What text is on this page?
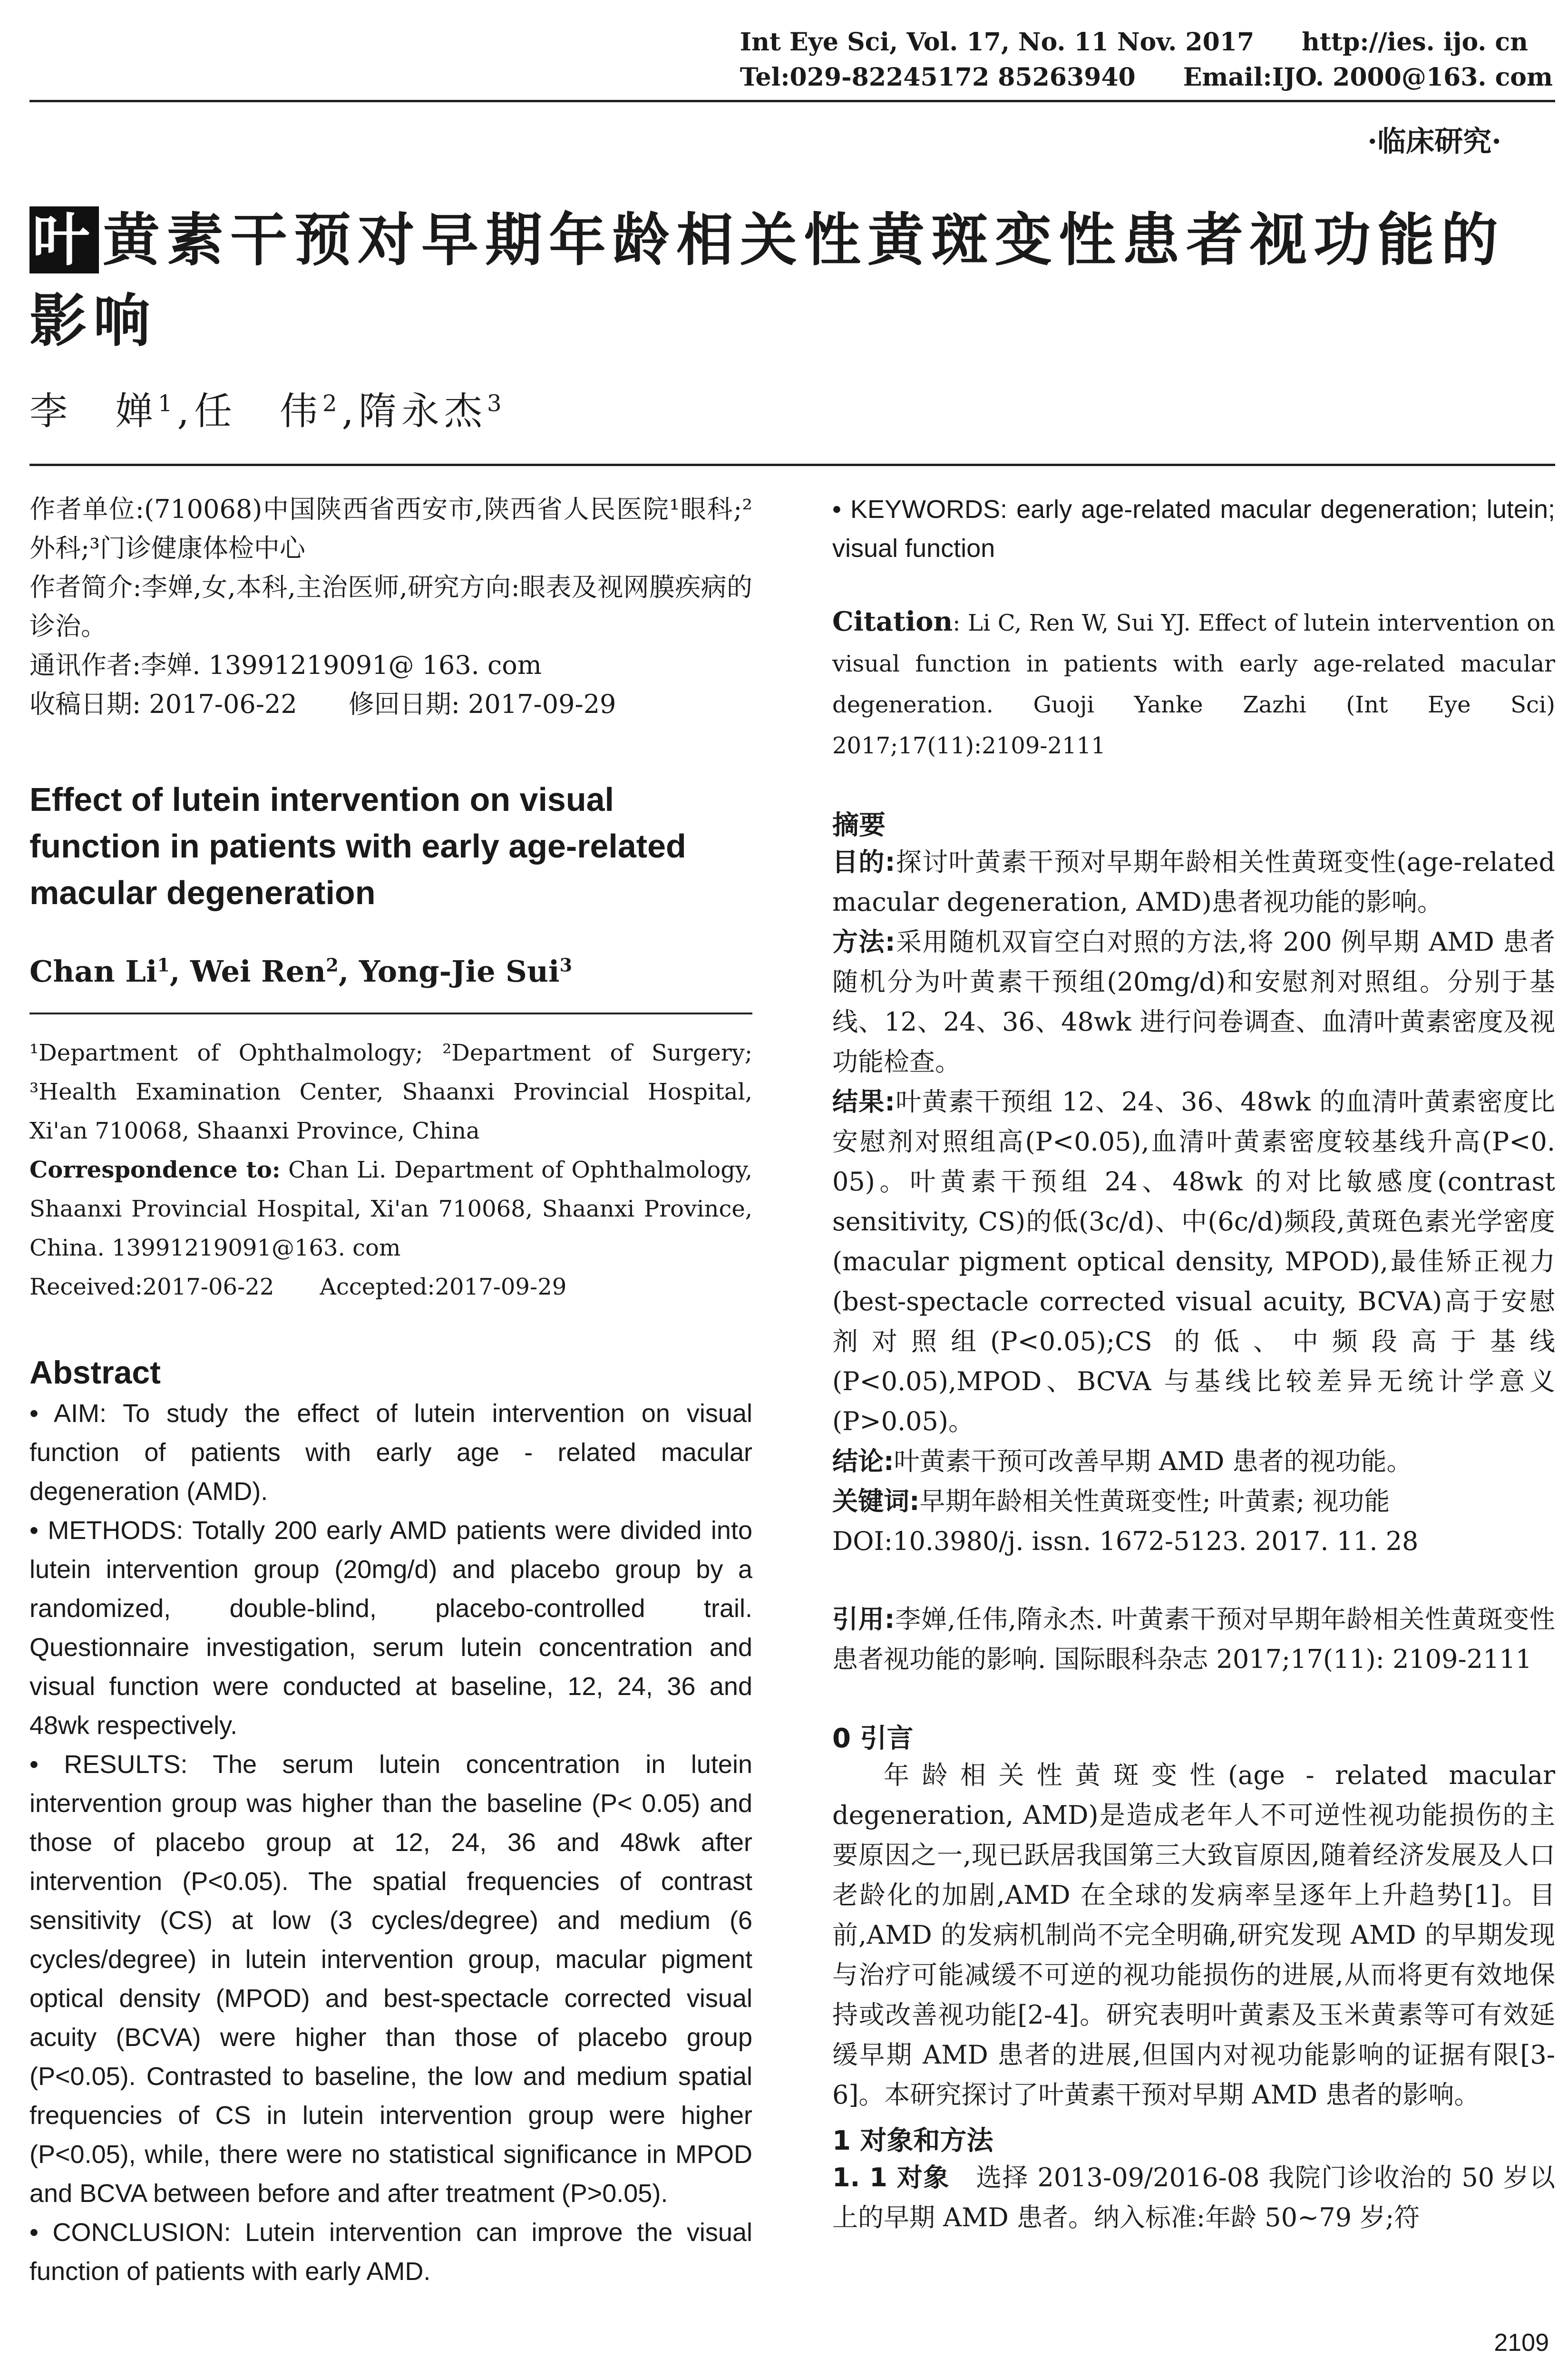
Int Eye Sci, Vol. 17, No. 11 Nov. 2017 http://ies. ijo. cn
Tel:029-82245172 85263940 Email:IJO. 2000@163. com
·临床研究·
叶 黄素干预对早期年龄相关性黄斑变性患者视功能的影响
李　婵$^1$,任　伟$^2$,隋永杰$^3$

作者单位:(710068)中国陕西省西安市,陕西省人民医院¹眼科;²外科;³门诊健康体检中心

作者简介:李婵,女,本科,主治医师,研究方向:眼表及视网膜疾病的诊治。

通讯作者:李婵. 13991219091@ 163. com

收稿日期: 2017-06-22　　修回日期: 2017-09-29

Effect of lutein intervention on visual function in patients with early age-related macular degeneration
Chan Li$^1$, Wei Ren$^2$, Yong-Jie Sui$^3$

¹Department of Ophthalmology; ²Department of Surgery; ³Health Examination Center, Shaanxi Provincial Hospital, Xi'an 710068, Shaanxi Province, China

Correspondence to: Chan Li. Department of Ophthalmology, Shaanxi Provincial Hospital, Xi'an 710068, Shaanxi Province, China. 13991219091@163. com

Received:2017-06-22　　Accepted:2017-09-29

Abstract

• AIM: To study the effect of lutein intervention on visual function of patients with early age - related macular degeneration (AMD).

• METHODS: Totally 200 early AMD patients were divided into lutein intervention group (20mg/d) and placebo group by a randomized, double-blind, placebo-controlled trail. Questionnaire investigation, serum lutein concentration and visual function were conducted at baseline, 12, 24, 36 and 48wk respectively.

• RESULTS: The serum lutein concentration in lutein intervention group was higher than the baseline (P< 0.05) and those of placebo group at 12, 24, 36 and 48wk after intervention (P<0.05). The spatial frequencies of contrast sensitivity (CS) at low (3 cycles/degree) and medium (6 cycles/degree) in lutein intervention group, macular pigment optical density (MPOD) and best-spectacle corrected visual acuity (BCVA) were higher than those of placebo group (P<0.05). Contrasted to baseline, the low and medium spatial frequencies of CS in lutein intervention group were higher (P<0.05), while, there were no statistical significance in MPOD and BCVA between before and after treatment (P>0.05).

• CONCLUSION: Lutein intervention can improve the visual function of patients with early AMD.

• KEYWORDS: early age-related macular degeneration; lutein; visual function

Citation: Li C, Ren W, Sui YJ. Effect of lutein intervention on visual function in patients with early age-related macular degeneration. Guoji Yanke Zazhi (Int Eye Sci) 2017;17(11):2109-2111

摘要

目的:探讨叶黄素干预对早期年龄相关性黄斑变性(age-related macular degeneration, AMD)患者视功能的影响。

方法:采用随机双盲空白对照的方法,将 200 例早期 AMD 患者随机分为叶黄素干预组(20mg/d)和安慰剂对照组。分别于基线、12、24、36、48wk 进行问卷调查、血清叶黄素密度及视功能检查。

结果:叶黄素干预组 12、24、36、48wk 的血清叶黄素密度比安慰剂对照组高(P<0.05),血清叶黄素密度较基线升高(P<0. 05)。叶黄素干预组 24、48wk 的对比敏感度(contrast sensitivity, CS)的低(3c/d)、中(6c/d)频段,黄斑色素光学密度(macular pigment optical density, MPOD),最佳矫正视力(best-spectacle corrected visual acuity, BCVA)高于安慰剂对照组(P<0.05);CS 的低、中频段高于基线(P<0.05),MPOD、BCVA 与基线比较差异无统计学意义(P>0.05)。

结论:叶黄素干预可改善早期 AMD 患者的视功能。

关键词:早期年龄相关性黄斑变性; 叶黄素; 视功能

DOI:10.3980/j. issn. 1672-5123. 2017. 11. 28

引用:李婵,任伟,隋永杰. 叶黄素干预对早期年龄相关性黄斑变性患者视功能的影响. 国际眼科杂志 2017;17(11): 2109-2111

0 引言

年龄相关性黄斑变性(age - related macular degeneration, AMD)是造成老年人不可逆性视功能损伤的主要原因之一,现已跃居我国第三大致盲原因,随着经济发展及人口老龄化的加剧,AMD 在全球的发病率呈逐年上升趋势[1]。目前,AMD 的发病机制尚不完全明确,研究发现 AMD 的早期发现与治疗可能减缓不可逆的视功能损伤的进展,从而将更有效地保持或改善视功能[2-4]。研究表明叶黄素及玉米黄素等可有效延缓早期 AMD 患者的进展,但国内对视功能影响的证据有限[3-6]。本研究探讨了叶黄素干预对早期 AMD 患者的影响。

1 对象和方法

1. 1 对象　选择 2013-09/2016-08 我院门诊收治的 50 岁以上的早期 AMD 患者。纳入标准:年龄 50~79 岁;符

2109
